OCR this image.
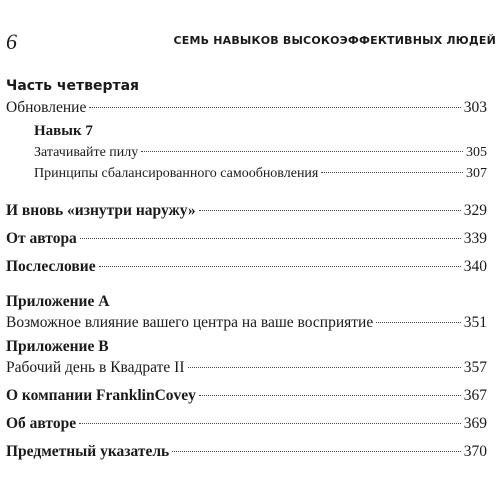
6	СЕМЬ НАВЫКОВ ВЫСОКОЭФФЕКТИВНЫХ ЛЮДЕЙ
Часть четвертая
Обновление	303
Навык 7
Затачивайте пилу	305
Принципы сбалансированного самообновления	307
И вновь «изнутри наружу»	329
От автора	339
Послесловие	340
Приложение А
Возможное влияние вашего центра на ваше восприятие	351
Приложение В
Рабочий день в Квадрате II	357
О компании FranklinCovey	367
Об авторе	369
Предметный указатель	370
